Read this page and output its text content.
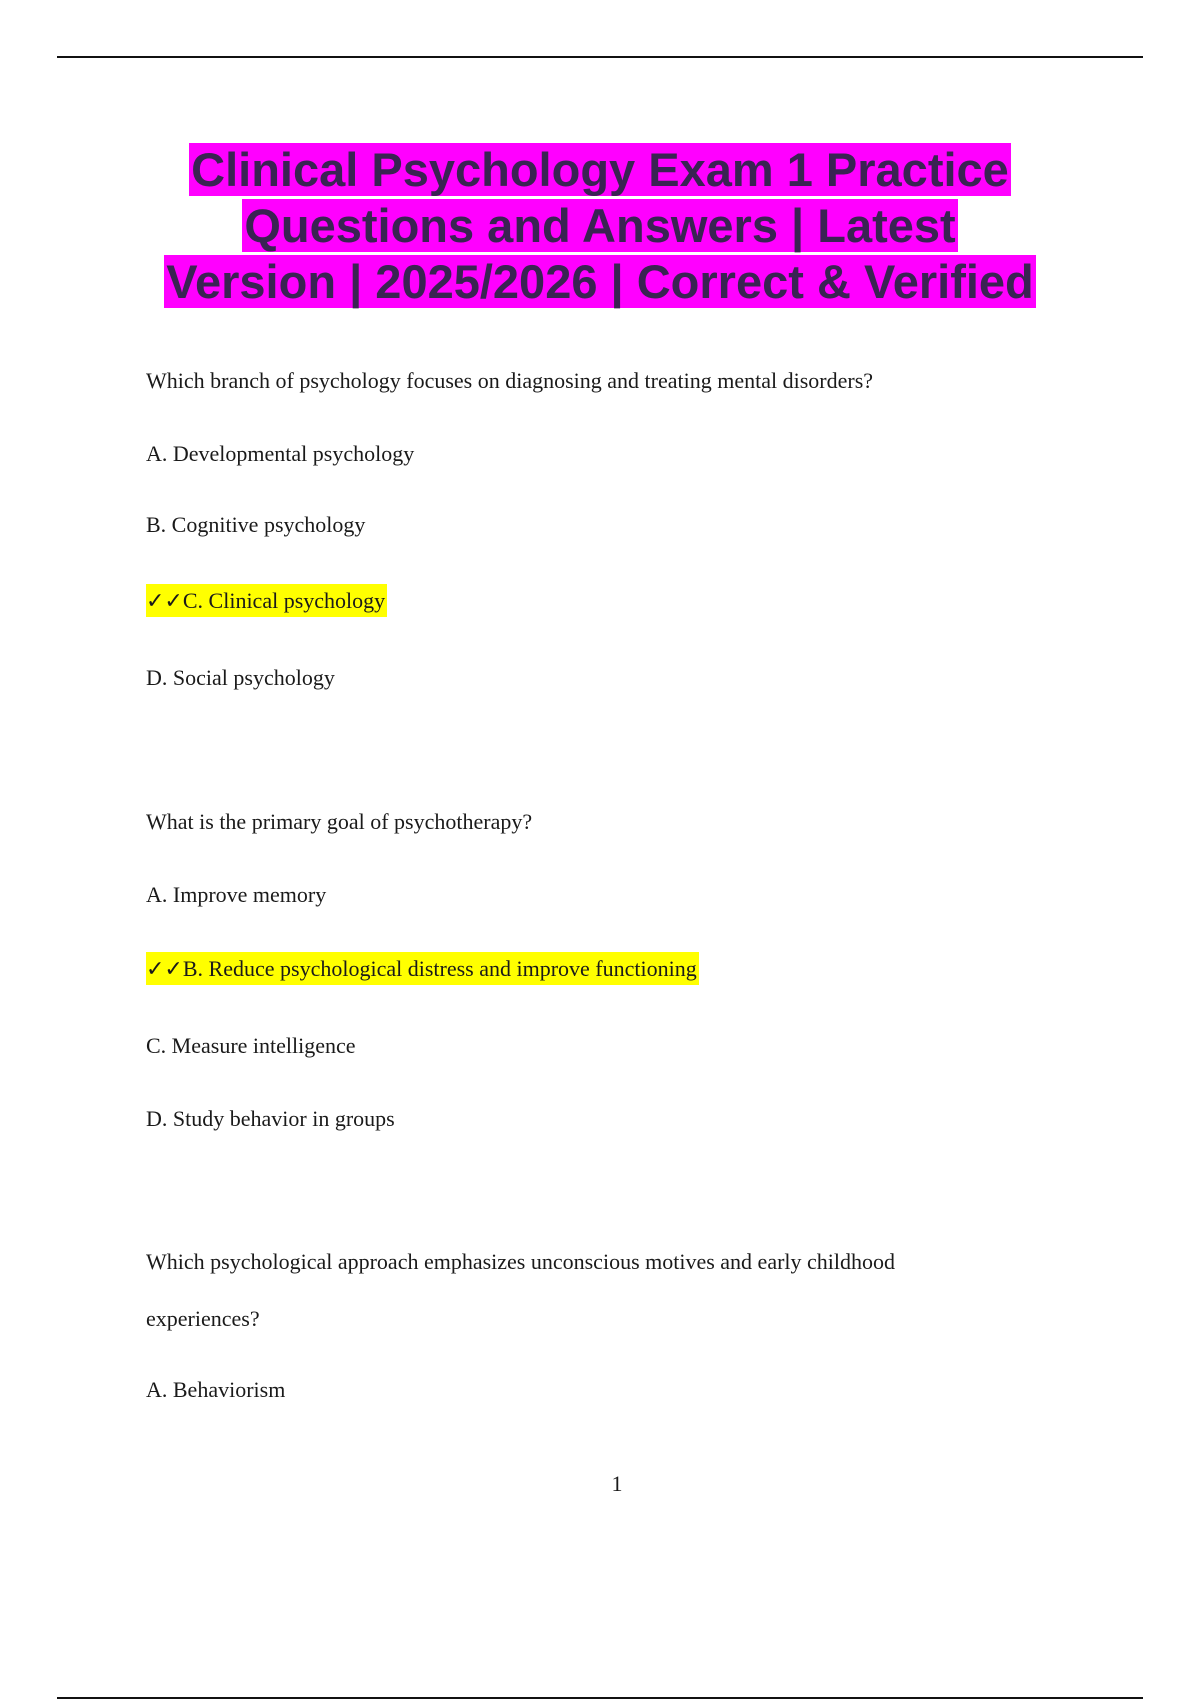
Clinical Psychology Exam 1 Practice
Questions and Answers | Latest
Version | 2025/2026 | Correct & Verified
Which branch of psychology focuses on diagnosing and treating mental disorders?
A. Developmental psychology
B. Cognitive psychology
✓✓C. Clinical psychology
D. Social psychology
What is the primary goal of psychotherapy?
A. Improve memory
✓✓B. Reduce psychological distress and improve functioning
C. Measure intelligence
D. Study behavior in groups
Which psychological approach emphasizes unconscious motives and early childhood
experiences?
A. Behaviorism
1
